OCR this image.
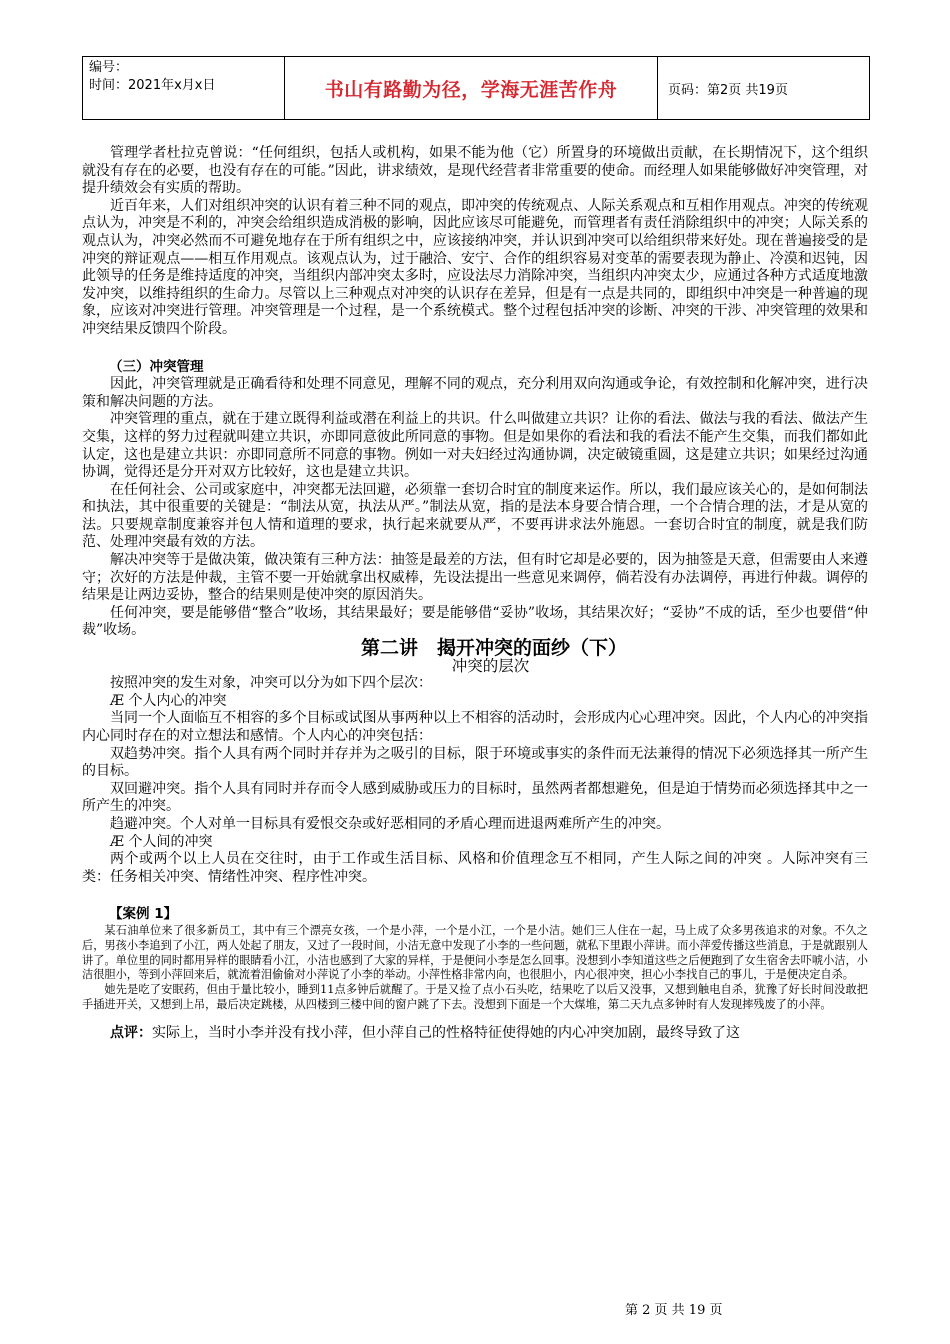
编号：
时间：2021年x月x日	书山有路勤为径，学海无涯苦作舟	页码：第2页 共19页

管理学者杜拉克曾说：“任何组织，包括人或机构，如果不能为他（它）所置身的环境做出贡献，在长期情况下，这个组织就没有存在的必要，也没有存在的可能。”因此，讲求绩效，是现代经营者非常重要的使命。而经理人如果能够做好冲突管理，对提升绩效会有实质的帮助。

近百年来，人们对组织冲突的认识有着三种不同的观点，即冲突的传统观点、人际关系观点和互相作用观点。冲突的传统观点认为，冲突是不利的，冲突会给组织造成消极的影响，因此应该尽可能避免，而管理者有责任消除组织中的冲突；人际关系的观点认为，冲突必然而不可避免地存在于所有组织之中，应该接纳冲突，并认识到冲突可以给组织带来好处。现在普遍接受的是冲突的辩证观点——相互作用观点。该观点认为，过于融洽、安宁、合作的组织容易对变革的需要表现为静止、冷漠和迟钝，因此领导的任务是维持适度的冲突，当组织内部冲突太多时，应设法尽力消除冲突，当组织内冲突太少，应通过各种方式适度地激发冲突，以维持组织的生命力。尽管以上三种观点对冲突的认识存在差异，但是有一点是共同的，即组织中冲突是一种普遍的现象，应该对冲突进行管理。冲突管理是一个过程，是一个系统模式。整个过程包括冲突的诊断、冲突的干涉、冲突管理的效果和冲突结果反馈四个阶段。

（三）冲突管理

因此，冲突管理就是正确看待和处理不同意见，理解不同的观点，充分利用双向沟通或争论，有效控制和化解冲突，进行决策和解决问题的方法。

冲突管理的重点，就在于建立既得利益或潜在利益上的共识。什么叫做建立共识？让你的看法、做法与我的看法、做法产生交集，这样的努力过程就叫建立共识，亦即同意彼此所同意的事物。但是如果你的看法和我的看法不能产生交集，而我们都如此认定，这也是建立共识：亦即同意所不同意的事物。例如一对夫妇经过沟通协调，决定破镜重圆，这是建立共识；如果经过沟通协调，觉得还是分开对双方比较好，这也是建立共识。

在任何社会、公司或家庭中，冲突都无法回避，必须靠一套切合时宜的制度来运作。所以，我们最应该关心的，是如何制法和执法，其中很重要的关键是：“制法从宽，执法从严。”制法从宽，指的是法本身要合情合理，一个合情合理的法，才是从宽的法。只要规章制度兼容并包人情和道理的要求，执行起来就要从严，不要再讲求法外施恩。一套切合时宜的制度，就是我们防范、处理冲突最有效的方法。

解决冲突等于是做决策，做决策有三种方法：抽签是最差的方法，但有时它却是必要的，因为抽签是天意，但需要由人来遵守；次好的方法是仲裁，主管不要一开始就拿出权威棒，先设法提出一些意见来调停，倘若没有办法调停，再进行仲裁。调停的结果是让两边妥协，整合的结果则是使冲突的原因消失。

任何冲突，要是能够借“整合”收场，其结果最好；要是能够借“妥协”收场，其结果次好；“妥协”不成的话，至少也要借“仲裁”收场。

第二讲　揭开冲突的面纱（下）

冲突的层次

按照冲突的发生对象，冲突可以分为如下四个层次：

Æ 个人内心的冲突

当同一个人面临互不相容的多个目标或试图从事两种以上不相容的活动时，会形成内心心理冲突。因此，个人内心的冲突指内心同时存在的对立想法和感情。个人内心的冲突包括：

双趋势冲突。指个人具有两个同时并存并为之吸引的目标，限于环境或事实的条件而无法兼得的情况下必须选择其一所产生的目标。

双回避冲突。指个人具有同时并存而令人感到威胁或压力的目标时，虽然两者都想避免，但是迫于情势而必须选择其中之一所产生的冲突。

趋避冲突。个人对单一目标具有爱恨交杂或好恶相同的矛盾心理而进退两难所产生的冲突。

Æ 个人间的冲突

两个或两个以上人员在交往时，由于工作或生活目标、风格和价值理念互不相同，产生人际之间的冲突 。人际冲突有三类：任务相关冲突、情绪性冲突、程序性冲突。

【案例 1】

某石油单位来了很多新员工，其中有三个漂亮女孩，一个是小萍，一个是小江，一个是小洁。她们三人住在一起，马上成了众多男孩追求的对象。不久之后，男孩小李追到了小江，两人处起了朋友，又过了一段时间，小洁无意中发现了小李的一些问题，就私下里跟小萍讲。而小萍爱传播这些消息，于是就跟别人讲了。单位里的同时都用异样的眼睛看小江，小洁也感到了大家的异样，于是便问小李是怎么回事。没想到小李知道这些之后便跑到了女生宿舍去吓唬小洁，小洁很胆小，等到小萍回来后，就流着泪偷偷对小萍说了小李的举动。小萍性格非常内向，也很胆小，内心很冲突，担心小李找自己的事儿，于是便决定自杀。

她先是吃了安眠药，但由于量比较小，睡到11点多钟后就醒了。于是又捡了点小石头吃，结果吃了以后又没事，又想到触电自杀，犹豫了好长时间没敢把手插进开关，又想到上吊，最后决定跳楼，从四楼到三楼中间的窗户跳了下去。没想到下面是一个大煤堆，第二天九点多钟时有人发现摔残废了的小萍。

点评：实际上，当时小李并没有找小萍，但小萍自己的性格特征使得她的内心冲突加剧，最终导致了这

第 2 页 共 19 页
